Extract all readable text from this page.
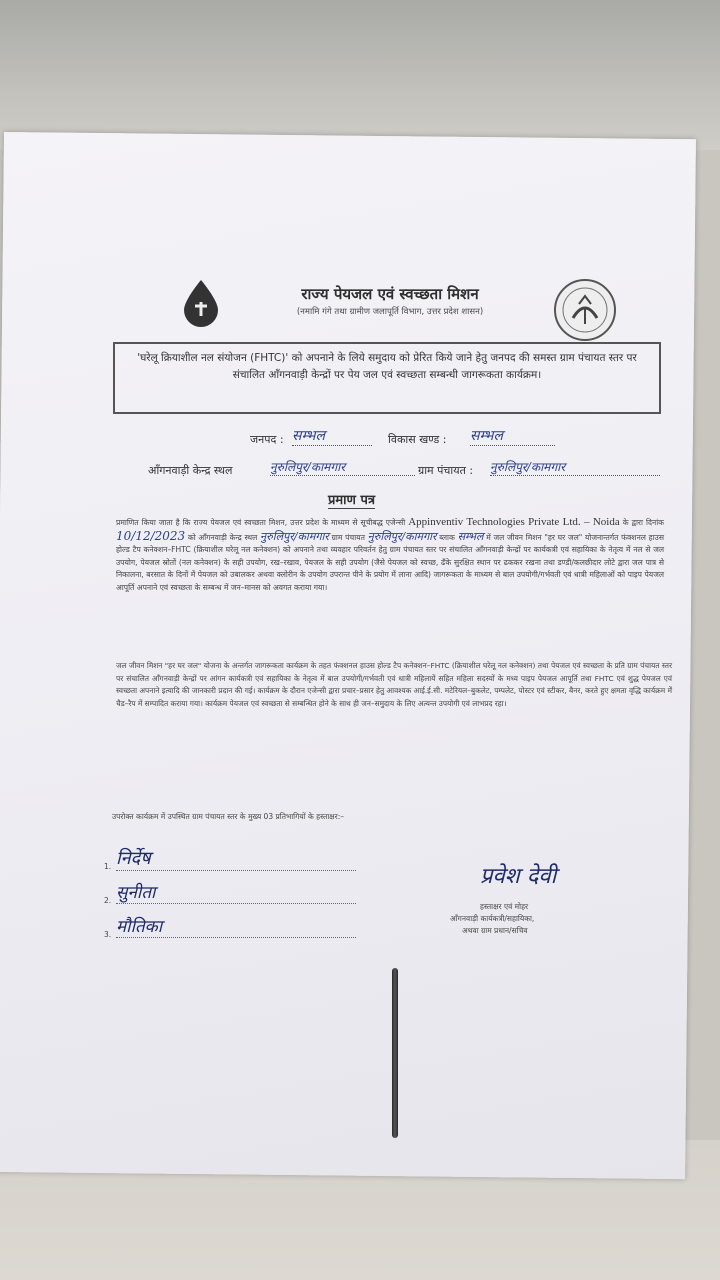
हर घर जल
राज्य पेयजल एवं स्वच्छता मिशन
(नमामि गंगे तथा ग्रामीण जलापूर्ति विभाग, उत्तर प्रदेश शासन)
'घरेलू क्रियाशील नल संयोजन (FHTC)' को अपनाने के लिये समुदाय को प्रेरित किये जाने हेतु जनपद की समस्त ग्राम पंचायत स्तर पर संचालित आँगनवाड़ी केन्द्रों पर पेय जल एवं स्वच्छता सम्बन्धी जागरूकता कार्यक्रम।
जनपद : सम्भल	विकास खण्ड : सम्भल
आँगनवाड़ी केन्द्र स्थल	नुरुलिपुर/कामगार	ग्राम पंचायत : नुरुलिपुर/कामगार
प्रमाण पत्र
प्रमाणित किया जाता है कि राज्य पेयजल एवं स्वच्छता मिशन, उत्तर प्रदेश के माध्यम से सूचीबद्ध एजेन्सी Appinventiv Technologies Private Ltd. – Noida के द्वारा दिनांक 10/12/2023 को आँगनवाड़ी केन्द्र स्थल नुरुलिपुर/कामगार ग्राम पंचायत नुरुलिपुर/कामगार ब्लाक सम्भल में जल जीवन मिशन "हर घर जल" योजनान्तर्गत फंक्शनल हाउस होल्ड टैप कनेक्शन–FHTC (क्रियाशील घरेलू नल कनेक्शन) को अपनाने तथा व्यवहार परिवर्तन हेतु ग्राम पंचायत स्तर पर संचालित आँगनवाड़ी केन्द्रों पर कार्यकत्री एवं सहायिका के नेतृत्व में नल से जल उपयोग, पेयजल स्रोतों (नल कनेक्शन) के सही उपयोग, रख–रखाव, पेयजल के सही उपयोग (जैसे पेयजल को स्वच्छ, ढँके सुरक्षित स्थान पर ढककर रखना तथा डण्डी/कलछीदार लोटे द्वारा जल पात्र से निकालना, बरसात के दिनों में पेयजल को उबालकर अथवा क्लोरीन के उपयोग उपरान्त पीने के प्रयोग में लाना आदि) जागरूकता के माध्यम से बाल उपयोगी/गर्भवती एवं धात्री महिलाओं को पाइप पेयजल आपूर्ति अपनाने एवं स्वच्छता के सम्बन्ध में जन–मानस को अवगत कराया गया।
जल जीवन मिशन "हर घर जल" योजना के अन्तर्गत जागरूकता कार्यक्रम के तहत फंक्शनल हाउस होल्ड टैप कनेक्शन–FHTC (क्रियाशील घरेलू नल कनेक्शन) तथा पेयजल एवं स्वच्छता के प्रति ग्राम पंचायत स्तर पर संचालित आँगनवाड़ी केन्द्रों पर आंगन कार्यकत्री एवं सहायिका के नेतृत्व में बाल उपयोगी/गर्भवती एवं धात्री महिलायें सहित महिला सदस्यों के मध्य पाइप पेयजल आपूर्ति तथा FHTC एवं शुद्ध पेयजल एवं स्वच्छता अपनाने इत्यादि की जानकारी प्रदान की गई। कार्यक्रम के दौरान एजेन्सी द्वारा प्रचार–प्रसार हेतु आवश्यक आई.ई.सी. मटेरियल–बुकलेट, पम्पलेट, पोस्टर एवं स्टीकर, बैनर, करते हुए क्षमता वृद्धि कार्यक्रम मेंं चैड–रैप में सम्पादित कराया गया। कार्यक्रम पेयजल एवं स्वच्छता से सम्बन्धित होने के साथ ही जन–समुदाय के लिए अत्यन्त उपयोगी एवं लाभप्रद रहा।
उपरोक्त कार्यक्रम में उपस्थित ग्राम पंचायत स्तर के मुख्य 03 प्रतिभागियों के हस्ताक्षर:–
1. निर्देष
2. सुनीता
3. मौतिका
प्रवेश देवी
हस्ताक्षर एवं मोहर
आँगनवाड़ी कार्यकत्री/सहायिका,
अथवा ग्राम प्रधान/सचिव
